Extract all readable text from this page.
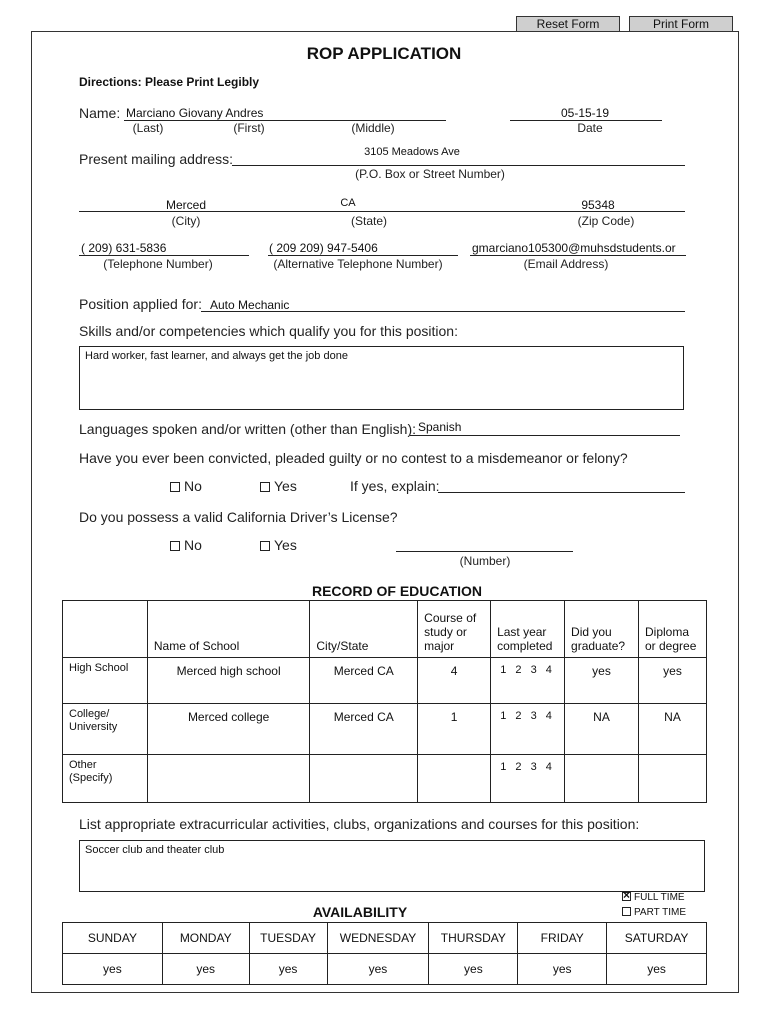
Reset Form	Print Form
ROP APPLICATION
Directions: Please Print Legibly
Name: Marciano Giovany Andres
(Last)	(First)	(Middle)
05-15-19
Date
Present mailing address:	3105 Meadows Ave
(P.O. Box or Street Number)
Merced	CA	95348
(City)	(State)	(Zip Code)
( 209) 631-5836
(Telephone Number)
( 209 209) 947-5406
(Alternative Telephone Number)
gmarciano105300@muhsdstudents.or
(Email Address)
Position applied for: Auto Mechanic
Skills and/or competencies which qualify you for this position:
Hard worker, fast learner, and always get the job done
Languages spoken and/or written (other than English): Spanish
Have you ever been convicted, pleaded guilty or no contest to a misdemeanor or felony?
No	Yes	If yes, explain:
Do you possess a valid California Driver’s License?
No	Yes
(Number)
RECORD OF EDUCATION
	Name of School	City/State	Course of study or major	Last year completed	Did you graduate?	Diploma or degree
High School	Merced high school	Merced CA	4	1 2 3 4	yes	yes
College/ University	Merced college	Merced CA	1	1 2 3 4	NA	NA
Other (Specify)				1 2 3 4		
List appropriate extracurricular activities, clubs, organizations and courses for this position:
Soccer club and theater club
AVAILABILITY
×FULL TIME
PART TIME
SUNDAY	MONDAY	TUESDAY	WEDNESDAY	THURSDAY	FRIDAY	SATURDAY
yes	yes	yes	yes	yes	yes	yes
